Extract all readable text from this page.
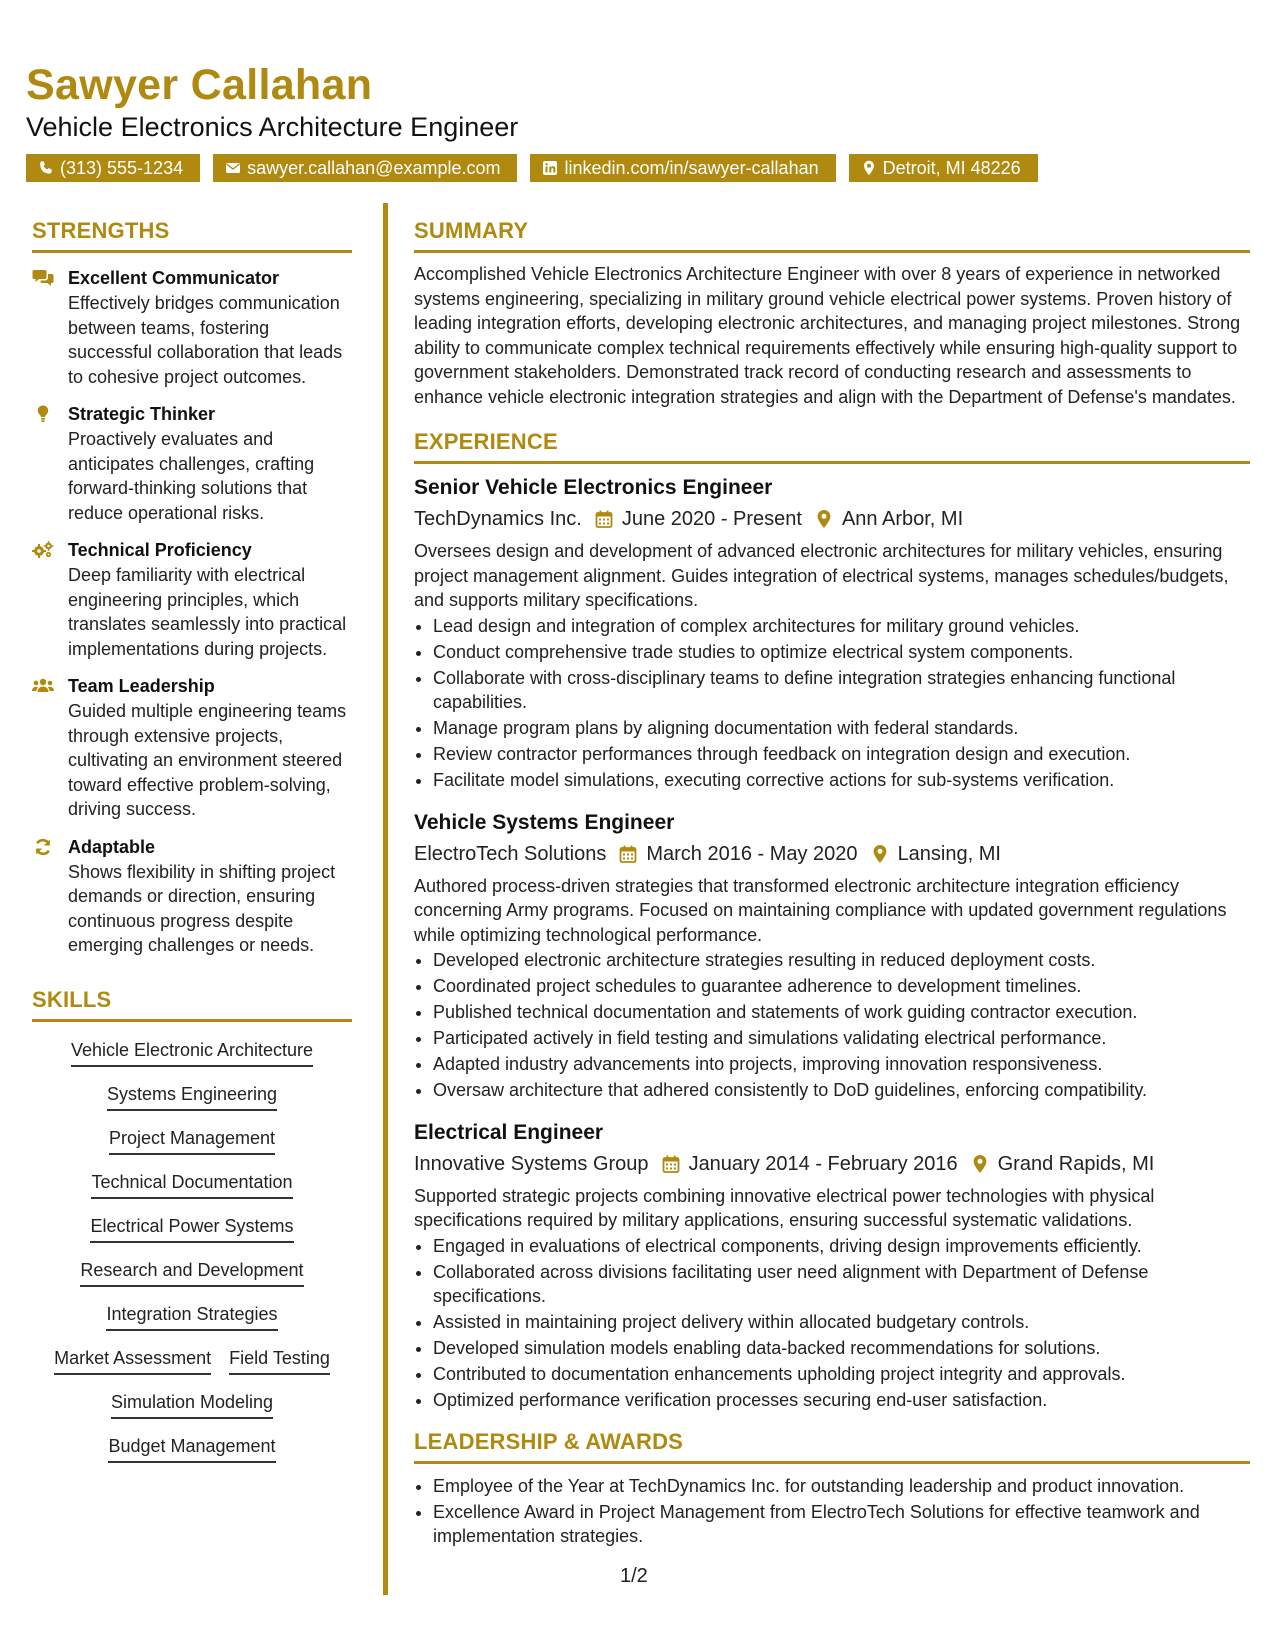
Sawyer Callahan
Vehicle Electronics Architecture Engineer
(313) 555-1234	sawyer.callahan@example.com	linkedin.com/in/sawyer-callahan	Detroit, MI 48226
STRENGTHS
Excellent Communicator
Effectively bridges communication between teams, fostering successful collaboration that leads to cohesive project outcomes.
Strategic Thinker
Proactively evaluates and anticipates challenges, crafting forward-thinking solutions that reduce operational risks.
Technical Proficiency
Deep familiarity with electrical engineering principles, which translates seamlessly into practical implementations during projects.
Team Leadership
Guided multiple engineering teams through extensive projects, cultivating an environment steered toward effective problem-solving, driving success.
Adaptable
Shows flexibility in shifting project demands or direction, ensuring continuous progress despite emerging challenges or needs.
SKILLS
Vehicle Electronic Architecture
Systems Engineering
Project Management
Technical Documentation
Electrical Power Systems
Research and Development
Integration Strategies
Market Assessment Field Testing
Simulation Modeling
Budget Management
SUMMARY
Accomplished Vehicle Electronics Architecture Engineer with over 8 years of experience in networked systems engineering, specializing in military ground vehicle electrical power systems. Proven history of leading integration efforts, developing electronic architectures, and managing project milestones. Strong ability to communicate complex technical requirements effectively while ensuring high-quality support to government stakeholders. Demonstrated track record of conducting research and assessments to enhance vehicle electronic integration strategies and align with the Department of Defense's mandates.
EXPERIENCE
Senior Vehicle Electronics Engineer
TechDynamics Inc. June 2020 - Present Ann Arbor, MI
Oversees design and development of advanced electronic architectures for military vehicles, ensuring project management alignment. Guides integration of electrical systems, manages schedules/budgets, and supports military specifications.
• Lead design and integration of complex architectures for military ground vehicles.
• Conduct comprehensive trade studies to optimize electrical system components.
• Collaborate with cross-disciplinary teams to define integration strategies enhancing functional capabilities.
• Manage program plans by aligning documentation with federal standards.
• Review contractor performances through feedback on integration design and execution.
• Facilitate model simulations, executing corrective actions for sub-systems verification.
Vehicle Systems Engineer
ElectroTech Solutions March 2016 - May 2020 Lansing, MI
Authored process-driven strategies that transformed electronic architecture integration efficiency concerning Army programs. Focused on maintaining compliance with updated government regulations while optimizing technological performance.
• Developed electronic architecture strategies resulting in reduced deployment costs.
• Coordinated project schedules to guarantee adherence to development timelines.
• Published technical documentation and statements of work guiding contractor execution.
• Participated actively in field testing and simulations validating electrical performance.
• Adapted industry advancements into projects, improving innovation responsiveness.
• Oversaw architecture that adhered consistently to DoD guidelines, enforcing compatibility.
Electrical Engineer
Innovative Systems Group January 2014 - February 2016 Grand Rapids, MI
Supported strategic projects combining innovative electrical power technologies with physical specifications required by military applications, ensuring successful systematic validations.
• Engaged in evaluations of electrical components, driving design improvements efficiently.
• Collaborated across divisions facilitating user need alignment with Department of Defense specifications.
• Assisted in maintaining project delivery within allocated budgetary controls.
• Developed simulation models enabling data-backed recommendations for solutions.
• Contributed to documentation enhancements upholding project integrity and approvals.
• Optimized performance verification processes securing end-user satisfaction.
LEADERSHIP & AWARDS
• Employee of the Year at TechDynamics Inc. for outstanding leadership and product innovation.
• Excellence Award in Project Management from ElectroTech Solutions for effective teamwork and implementation strategies.
1/2
